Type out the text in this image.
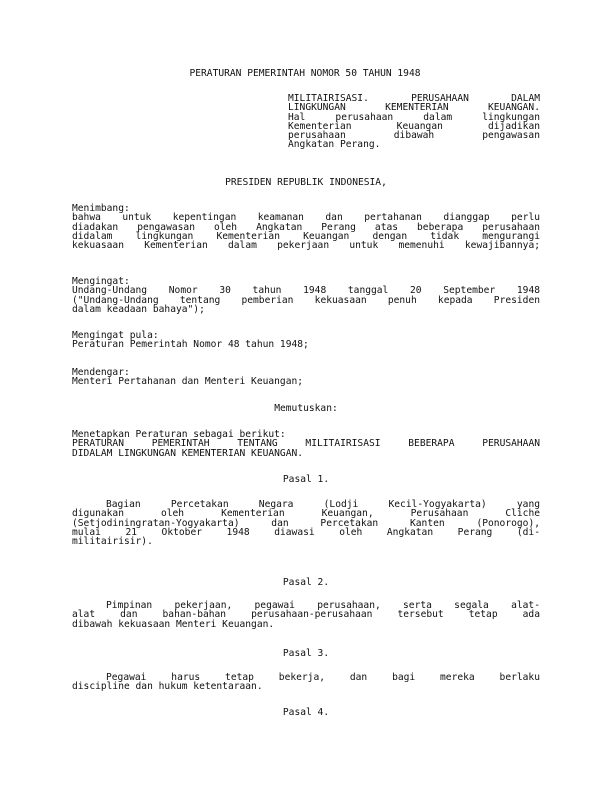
PERATURAN PEMERINTAH NOMOR 50 TAHUN 1948
MILITAIRISASI. PERUSAHAAN DALAM
LINGKUNGAN KEMENTERIAN KEUANGAN.
Hal perusahaan dalam lingkungan
Kementerian Keuangan dijadikan
perusahaan dibawah pengawasan
Angkatan Perang.
PRESIDEN REPUBLIK INDONESIA,
Menimbang:
bahwa untuk kepentingan keamanan dan pertahanan dianggap perlu
diadakan pengawasan oleh Angkatan Perang atas beberapa perusahaan
didalam lingkungan Kementerian Keuangan dengan tidak mengurangi
kekuasaan Kementerian dalam pekerjaan untuk memenuhi kewajibannya;
Mengingat:
Undang-Undang Nomor 30 tahun 1948 tanggal 20 September 1948
("Undang-Undang tentang pemberian kekuasaan penuh kepada Presiden
dalam keadaan bahaya");
Mengingat pula:
Peraturan Pemerintah Nomor 48 tahun 1948;
Mendengar:
Menteri Pertahanan dan Menteri Keuangan;
Memutuskan:
Menetapkan Peraturan sebagai berikut:
PERATURAN PEMERINTAH TENTANG MILITAIRISASI BEBERAPA PERUSAHAAN
DIDALAM LINGKUNGAN KEMENTERIAN KEUANGAN.
Pasal 1.
Bagian Percetakan Negara (Lodji Kecil-Yogyakarta) yang
digunakan oleh Kementerian Keuangan, Perusahaan Cliche
(Setjodiningratan-Yogyakarta) dan Percetakan Kanten (Ponorogo),
mulai 21 Oktober 1948 diawasi oleh Angkatan Perang (di-
militairisir).
Pasal 2.
Pimpinan pekerjaan, pegawai perusahaan, serta segala alat-
alat dan bahan-bahan perusahaan-perusahaan tersebut tetap ada
dibawah kekuasaan Menteri Keuangan.
Pasal 3.
Pegawai harus tetap bekerja, dan bagi mereka berlaku
discipline dan hukum ketentaraan.
Pasal 4.
